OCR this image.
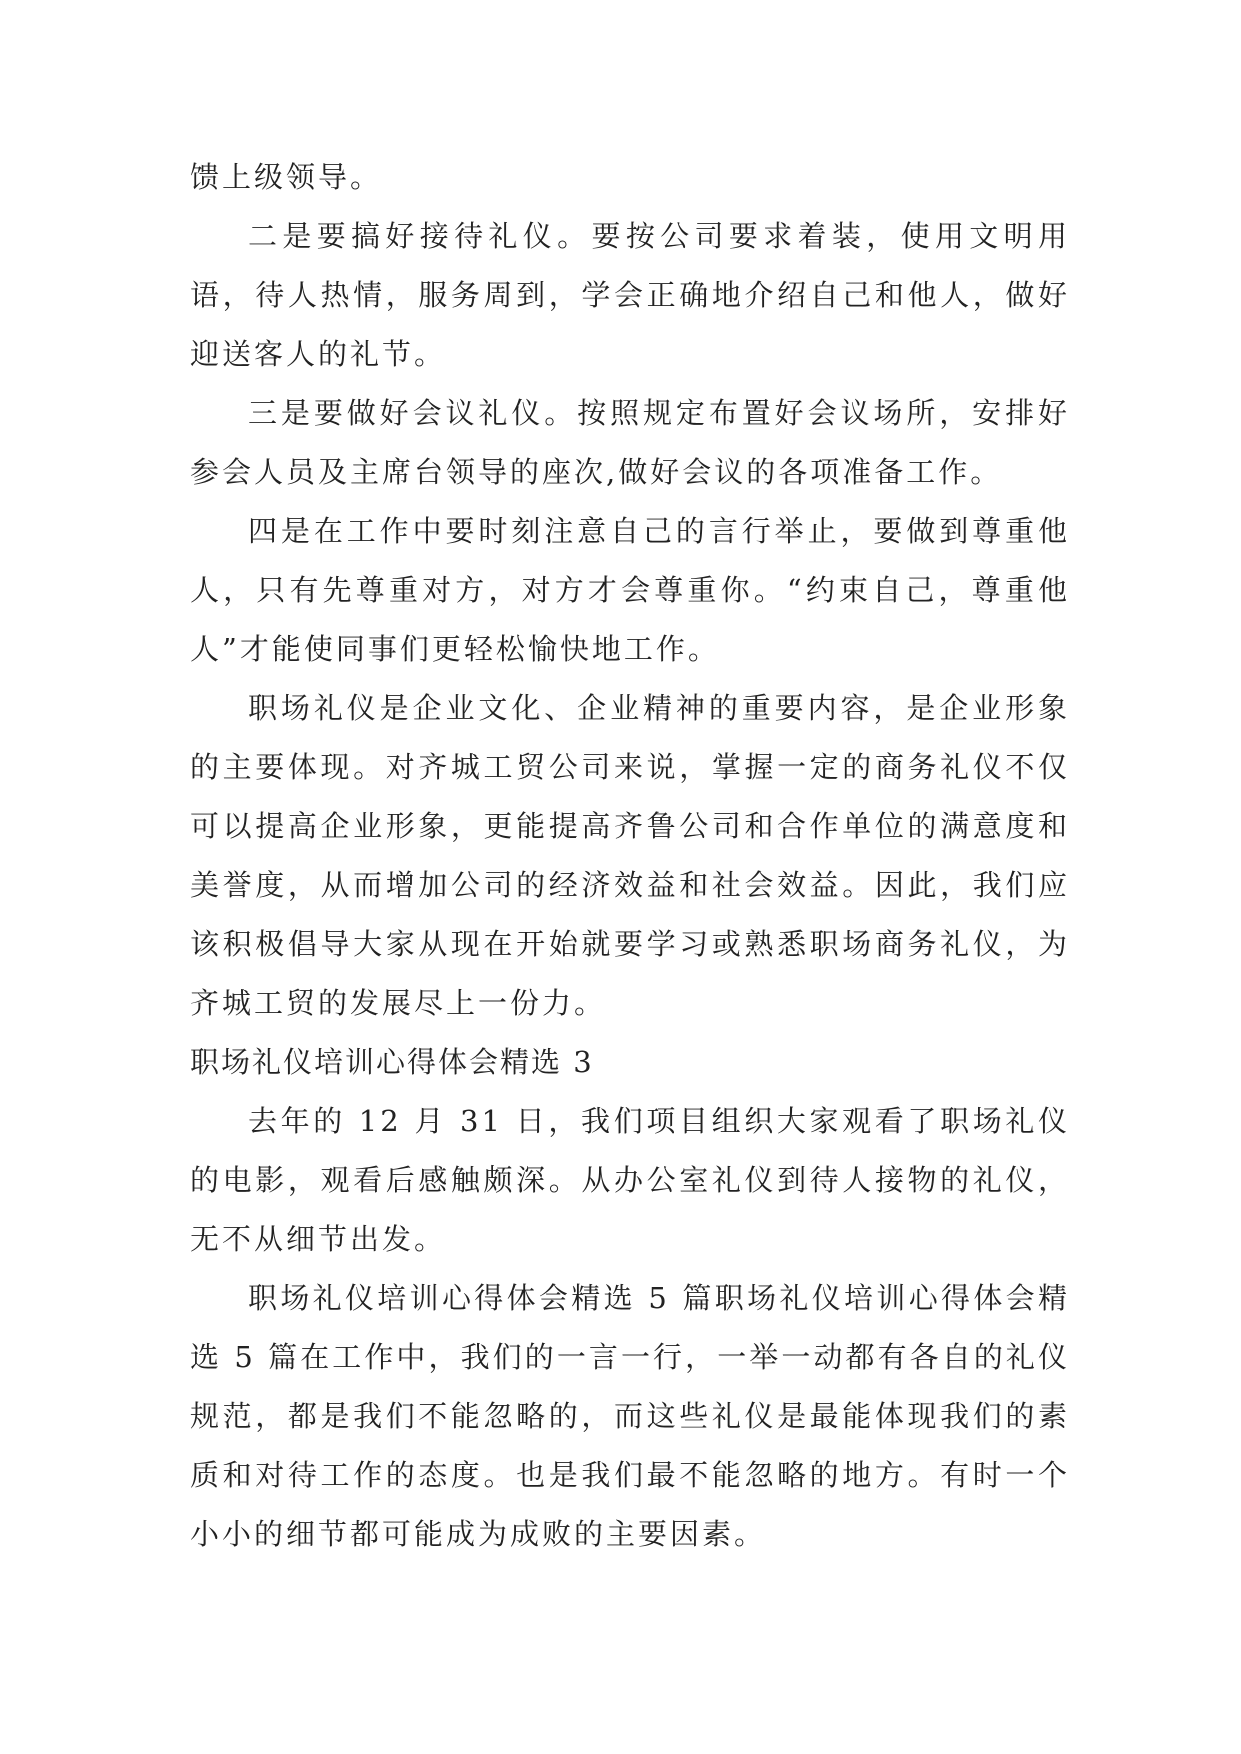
馈上级领导。

二是要搞好接待礼仪。要按公司要求着装，使用文明用语，待人热情，服务周到，学会正确地介绍自己和他人，做好迎送客人的礼节。

三是要做好会议礼仪。按照规定布置好会议场所，安排好参会人员及主席台领导的座次,做好会议的各项准备工作。

四是在工作中要时刻注意自己的言行举止，要做到尊重他人，只有先尊重对方，对方才会尊重你。“约束自己，尊重他人”才能使同事们更轻松愉快地工作。

职场礼仪是企业文化、企业精神的重要内容，是企业形象的主要体现。对齐城工贸公司来说，掌握一定的商务礼仪不仅可以提高企业形象，更能提高齐鲁公司和合作单位的满意度和美誉度，从而增加公司的经济效益和社会效益。因此，我们应该积极倡导大家从现在开始就要学习或熟悉职场商务礼仪，为齐城工贸的发展尽上一份力。

职场礼仪培训心得体会精选 3

去年的 12 月 31 日，我们项目组织大家观看了职场礼仪的电影，观看后感触颇深。从办公室礼仪到待人接物的礼仪，无不从细节出发。

职场礼仪培训心得体会精选 5 篇职场礼仪培训心得体会精选 5 篇在工作中，我们的一言一行，一举一动都有各自的礼仪规范，都是我们不能忽略的，而这些礼仪是最能体现我们的素质和对待工作的态度。也是我们最不能忽略的地方。有时一个小小的细节都可能成为成败的主要因素。
